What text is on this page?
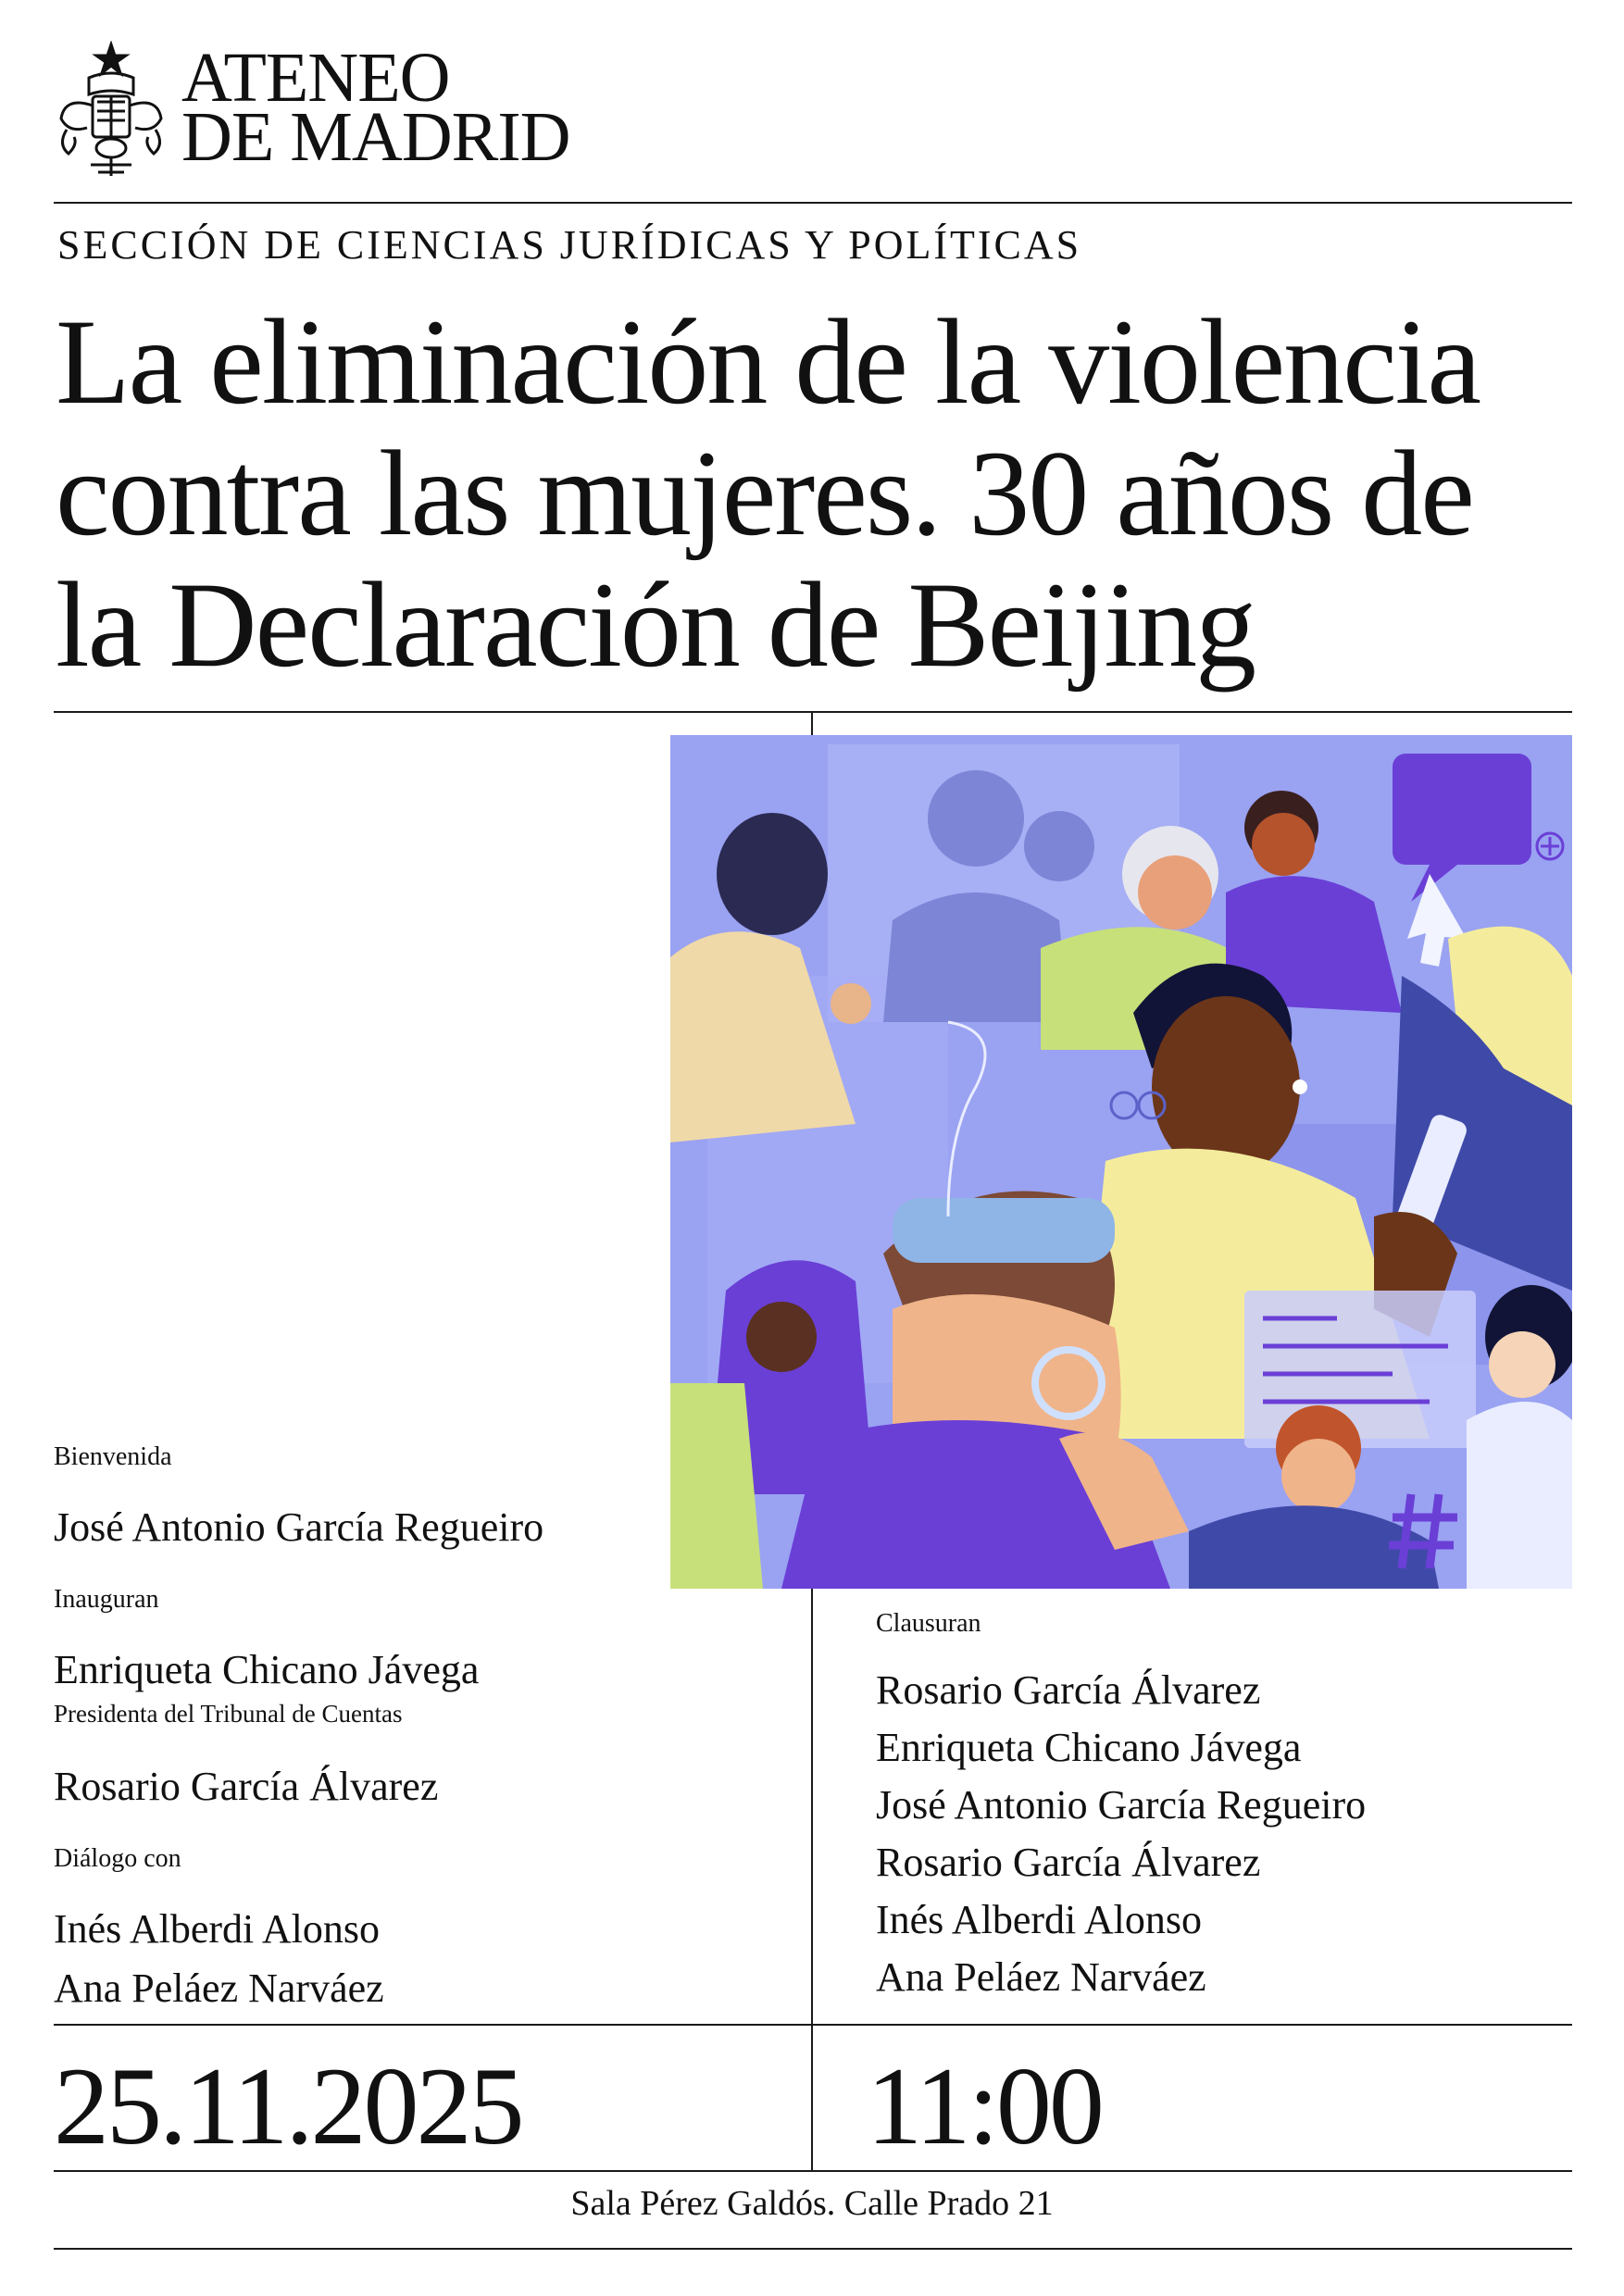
ATENEO
DE MADRID
SECCIÓN DE CIENCIAS JURÍDICAS Y POLÍTICAS
La eliminación de la violencia
contra las mujeres. 30 años de
la Declaración de Beijing
Bienvenida
José Antonio García Regueiro
Inauguran
Enriqueta Chicano Jávega
Presidenta del Tribunal de Cuentas
Rosario García Álvarez
Diálogo con
Inés Alberdi Alonso
Ana Peláez Narváez
Clausuran
Rosario García Álvarez
Enriqueta Chicano Jávega
José Antonio García Regueiro
Rosario García Álvarez
Inés Alberdi Alonso
Ana Peláez Narváez
25.11.2025	11:00
Sala Pérez Galdós. Calle Prado 21
